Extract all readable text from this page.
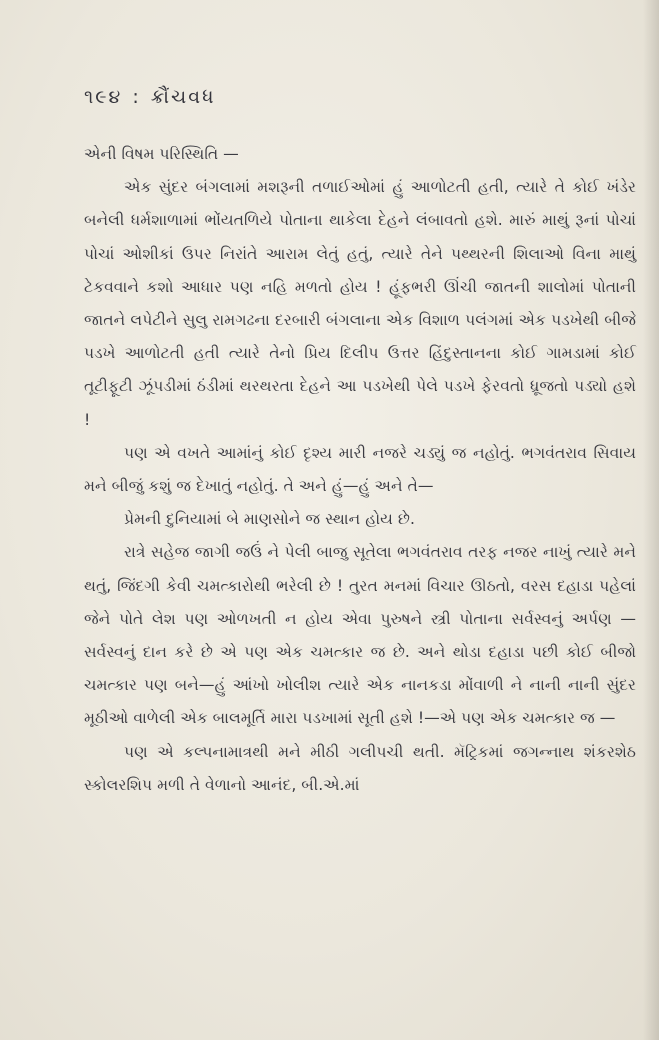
૧૯૪ : ક્રૌંચવધ

એની વિષમ પરિસ્થિતિ —

એક સુંદર બંગલામાં મશરૂની તળાઈઓમાં હું આળોટતી હતી, ત્યારે તે કોઈ ખંડેર બનેલી ધર્મશાળામાં ભોંયતળિયે પોતાના થાકેલા દેહને લંબાવતો હશે. મારું માથું રૂનાં પોચાં પોચાં ઓશીકાં ઉપર નિરાંતે આરામ લેતું હતું, ત્યારે તેને પથ્થરની શિલાઓ વિના માથું ટેકવવાને કશો આધાર પણ નહિ મળતો હોય ! હૂંફભરી ઊંચી જાતની શાલોમાં પોતાની જાતને લપેટીને સુલુ રામગઢના દરબારી બંગલાના એક વિશાળ પલંગમાં એક પડખેથી બીજે પડખે આળોટતી હતી ત્યારે તેનો પ્રિય દિલીપ ઉત્તર હિંદુસ્તાનના કોઈ ગામડામાં કોઈ તૂટીફૂટી ઝૂંપડીમાં ઠંડીમાં થરથરતા દેહને આ પડખેથી પેલે પડખે ફેરવતો ધ્રૂજતો પડ્યો હશે !

પણ એ વખતે આમાંનું કોઈ દૃશ્ય મારી નજરે ચડ્યું જ નહોતું. ભગવંતરાવ સિવાય મને બીજું કશું જ દેખાતું નહોતું. તે અને હું—હું અને તે—

પ્રેમની દુનિયામાં બે માણસોને જ સ્થાન હોય છે.

રાત્રે સહેજ જાગી જઉં ને પેલી બાજુ સૂતેલા ભગવંતરાવ તરફ નજર નાખું ત્યારે મને થતું, જિંદગી કેવી ચમત્કારોથી ભરેલી છે ! તુરત મનમાં વિચાર ઊઠતો, વરસ દહાડા પહેલાં જેને પોતે લેશ પણ ઓળખતી ન હોય એવા પુરુષને સ્ત્રી પોતાના સર્વસ્વનું અર્પણ —સર્વસ્વનું દાન કરે છે એ પણ એક ચમત્કાર જ છે. અને થોડા દહાડા પછી કોઈ બીજો ચમત્કાર પણ બને—હું આંખો ખોલીશ ત્યારે એક નાનકડા મોંવાળી ને નાની નાની સુંદર મૂઠીઓ વાળેલી એક બાલમૂર્તિ મારા પડખામાં સૂતી હશે !—એ પણ એક ચમત્કાર જ —

પણ એ કલ્પનામાત્રથી મને મીઠી ગલીપચી થતી. મૅટ્રિકમાં જગન્નાથ શંકરશેઠ સ્કોલરશિપ મળી તે વેળાનો આનંદ, બી.એ.માં
